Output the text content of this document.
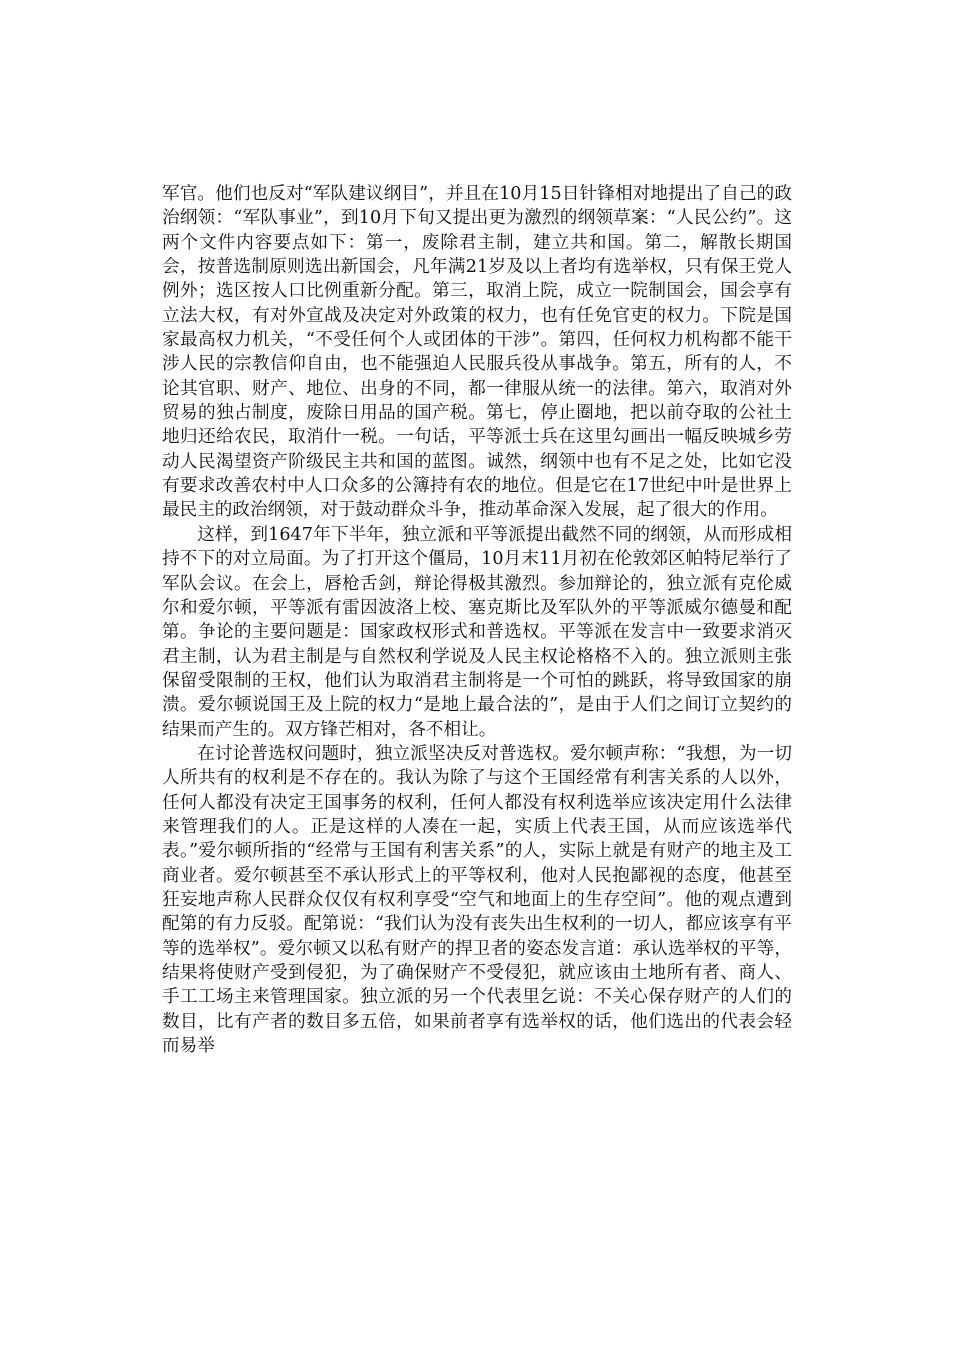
军官。他们也反对“军队建议纲目”，并且在10月15日针锋相对地提出了自己的政治纲领：“军队事业”，到10月下旬又提出更为激烈的纲领草案：“人民公约”。这两个文件内容要点如下：第一，废除君主制，建立共和国。第二，解散长期国会，按普选制原则选出新国会，凡年满21岁及以上者均有选举权，只有保王党人例外；选区按人口比例重新分配。第三，取消上院，成立一院制国会，国会享有立法大权，有对外宣战及决定对外政策的权力，也有任免官吏的权力。下院是国家最高权力机关，“不受任何个人或团体的干涉”。第四，任何权力机构都不能干涉人民的宗教信仰自由，也不能强迫人民服兵役从事战争。第五，所有的人，不论其官职、财产、地位、出身的不同，都一律服从统一的法律。第六，取消对外贸易的独占制度，废除日用品的国产税。第七，停止圈地，把以前夺取的公社土地归还给农民，取消什一税。一句话，平等派士兵在这里勾画出一幅反映城乡劳动人民渴望资产阶级民主共和国的蓝图。诚然，纲领中也有不足之处，比如它没有要求改善农村中人口众多的公簿持有农的地位。但是它在17世纪中叶是世界上最民主的政治纲领，对于鼓动群众斗争，推动革命深入发展，起了很大的作用。

这样，到1647年下半年，独立派和平等派提出截然不同的纲领，从而形成相持不下的对立局面。为了打开这个僵局，10月末11月初在伦敦郊区帕特尼举行了军队会议。在会上，唇枪舌剑，辩论得极其激烈。参加辩论的，独立派有克伦威尔和爱尔顿，平等派有雷因波洛上校、塞克斯比及军队外的平等派威尔德曼和配第。争论的主要问题是：国家政权形式和普选权。平等派在发言中一致要求消灭君主制，认为君主制是与自然权利学说及人民主权论格格不入的。独立派则主张保留受限制的王权，他们认为取消君主制将是一个可怕的跳跃，将导致国家的崩溃。爱尔顿说国王及上院的权力“是地上最合法的”，是由于人们之间订立契约的结果而产生的。双方锋芒相对，各不相让。

在讨论普选权问题时，独立派坚决反对普选权。爱尔顿声称：“我想，为一切人所共有的权利是不存在的。我认为除了与这个王国经常有利害关系的人以外，任何人都没有决定王国事务的权利，任何人都没有权利选举应该决定用什么法律来管理我们的人。正是这样的人凑在一起，实质上代表王国，从而应该选举代表。”爱尔顿所指的“经常与王国有利害关系”的人，实际上就是有财产的地主及工商业者。爱尔顿甚至不承认形式上的平等权利，他对人民抱鄙视的态度，他甚至狂妄地声称人民群众仅仅有权利享受“空气和地面上的生存空间”。他的观点遭到配第的有力反驳。配第说：“我们认为没有丧失出生权利的一切人，都应该享有平等的选举权”。爱尔顿又以私有财产的捍卫者的姿态发言道：承认选举权的平等，结果将使财产受到侵犯，为了确保财产不受侵犯，就应该由土地所有者、商人、手工工场主来管理国家。独立派的另一个代表里乞说：不关心保存财产的人们的数目，比有产者的数目多五倍，如果前者享有选举权的话，他们选出的代表会轻而易举
